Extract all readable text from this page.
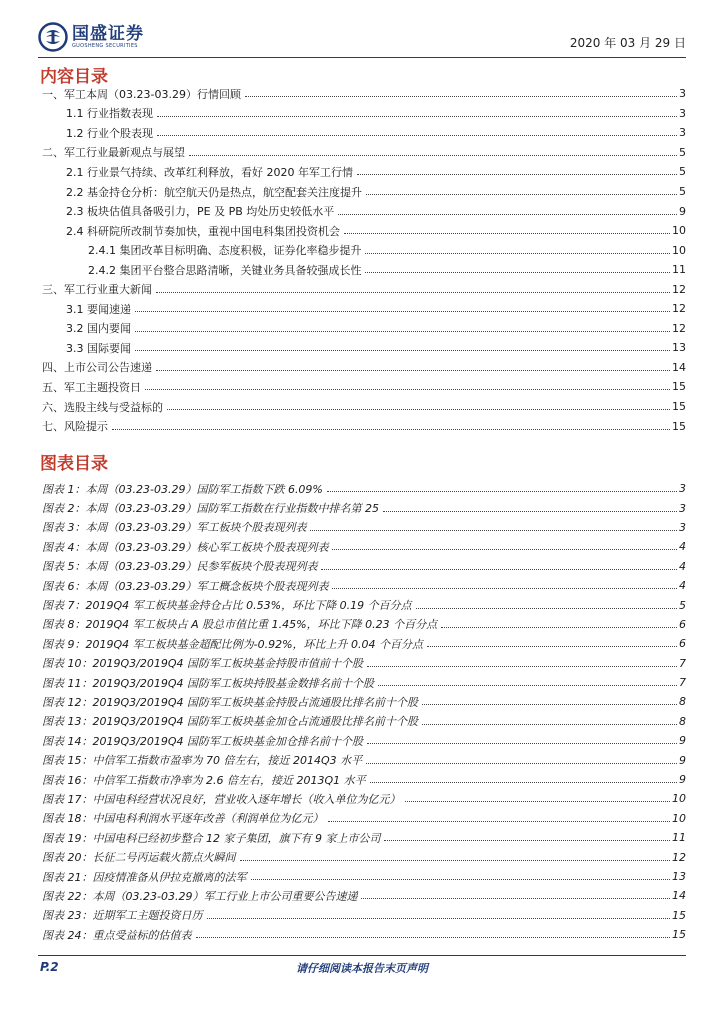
国盛证券
GUOSHENG SECURITIES	2020 年 03 月 29 日
内容目录
一、军工本周（03.23-03.29）行情回顾	3
1.1 行业指数表现	3
1.2 行业个股表现	3
二、军工行业最新观点与展望	5
2.1 行业景气持续、改革红利释放，看好 2020 年军工行情	5
2.2 基金持仓分析：航空航天仍是热点，航空配套关注度提升	5
2.3 板块估值具备吸引力，PE 及 PB 均处历史较低水平	9
2.4 科研院所改制节奏加快，重视中国电科集团投资机会	10
2.4.1 集团改革目标明确、态度积极，证券化率稳步提升	10
2.4.2 集团平台整合思路清晰，关键业务具备较强成长性	11
三、军工行业重大新闻	12
3.1 要闻速递	12
3.2 国内要闻	12
3.3 国际要闻	13
四、上市公司公告速递	14
五、军工主题投资日	15
六、选股主线与受益标的	15
七、风险提示	15
图表目录
图表 1：本周（03.23-03.29）国防军工指数下跌 6.09%	3
图表 2：本周（03.23-03.29）国防军工指数在行业指数中排名第 25	3
图表 3：本周（03.23-03.29）军工板块个股表现列表	3
图表 4：本周（03.23-03.29）核心军工板块个股表现列表	4
图表 5：本周（03.23-03.29）民参军板块个股表现列表	4
图表 6：本周（03.23-03.29）军工概念板块个股表现列表	4
图表 7：2019Q4 军工板块基金持仓占比 0.53%，环比下降 0.19 个百分点	5
图表 8：2019Q4 军工板块占 A 股总市值比重 1.45%，环比下降 0.23 个百分点	6
图表 9：2019Q4 军工板块基金超配比例为-0.92%，环比上升 0.04 个百分点	6
图表 10：2019Q3/2019Q4 国防军工板块基金持股市值前十个股	7
图表 11：2019Q3/2019Q4 国防军工板块持股基金数排名前十个股	7
图表 12：2019Q3/2019Q4 国防军工板块基金持股占流通股比排名前十个股	8
图表 13：2019Q3/2019Q4 国防军工板块基金加仓占流通股比排名前十个股	8
图表 14：2019Q3/2019Q4 国防军工板块基金加仓排名前十个股	9
图表 15：中信军工指数市盈率为 70 倍左右，接近 2014Q3 水平	9
图表 16：中信军工指数市净率为 2.6 倍左右，接近 2013Q1 水平	9
图表 17：中国电科经营状况良好，营业收入逐年增长（收入单位为亿元）	10
图表 18：中国电科利润水平逐年改善（利润单位为亿元）	10
图表 19：中国电科已经初步整合 12 家子集团，旗下有 9 家上市公司	11
图表 20：长征二号丙运载火箭点火瞬间	12
图表 21：因疫情准备从伊拉克撤离的法军	13
图表 22：本周（03.23-03.29）军工行业上市公司重要公告速递	14
图表 23：近期军工主题投资日历	15
图表 24：重点受益标的估值表	15
P.2	请仔细阅读本报告末页声明
